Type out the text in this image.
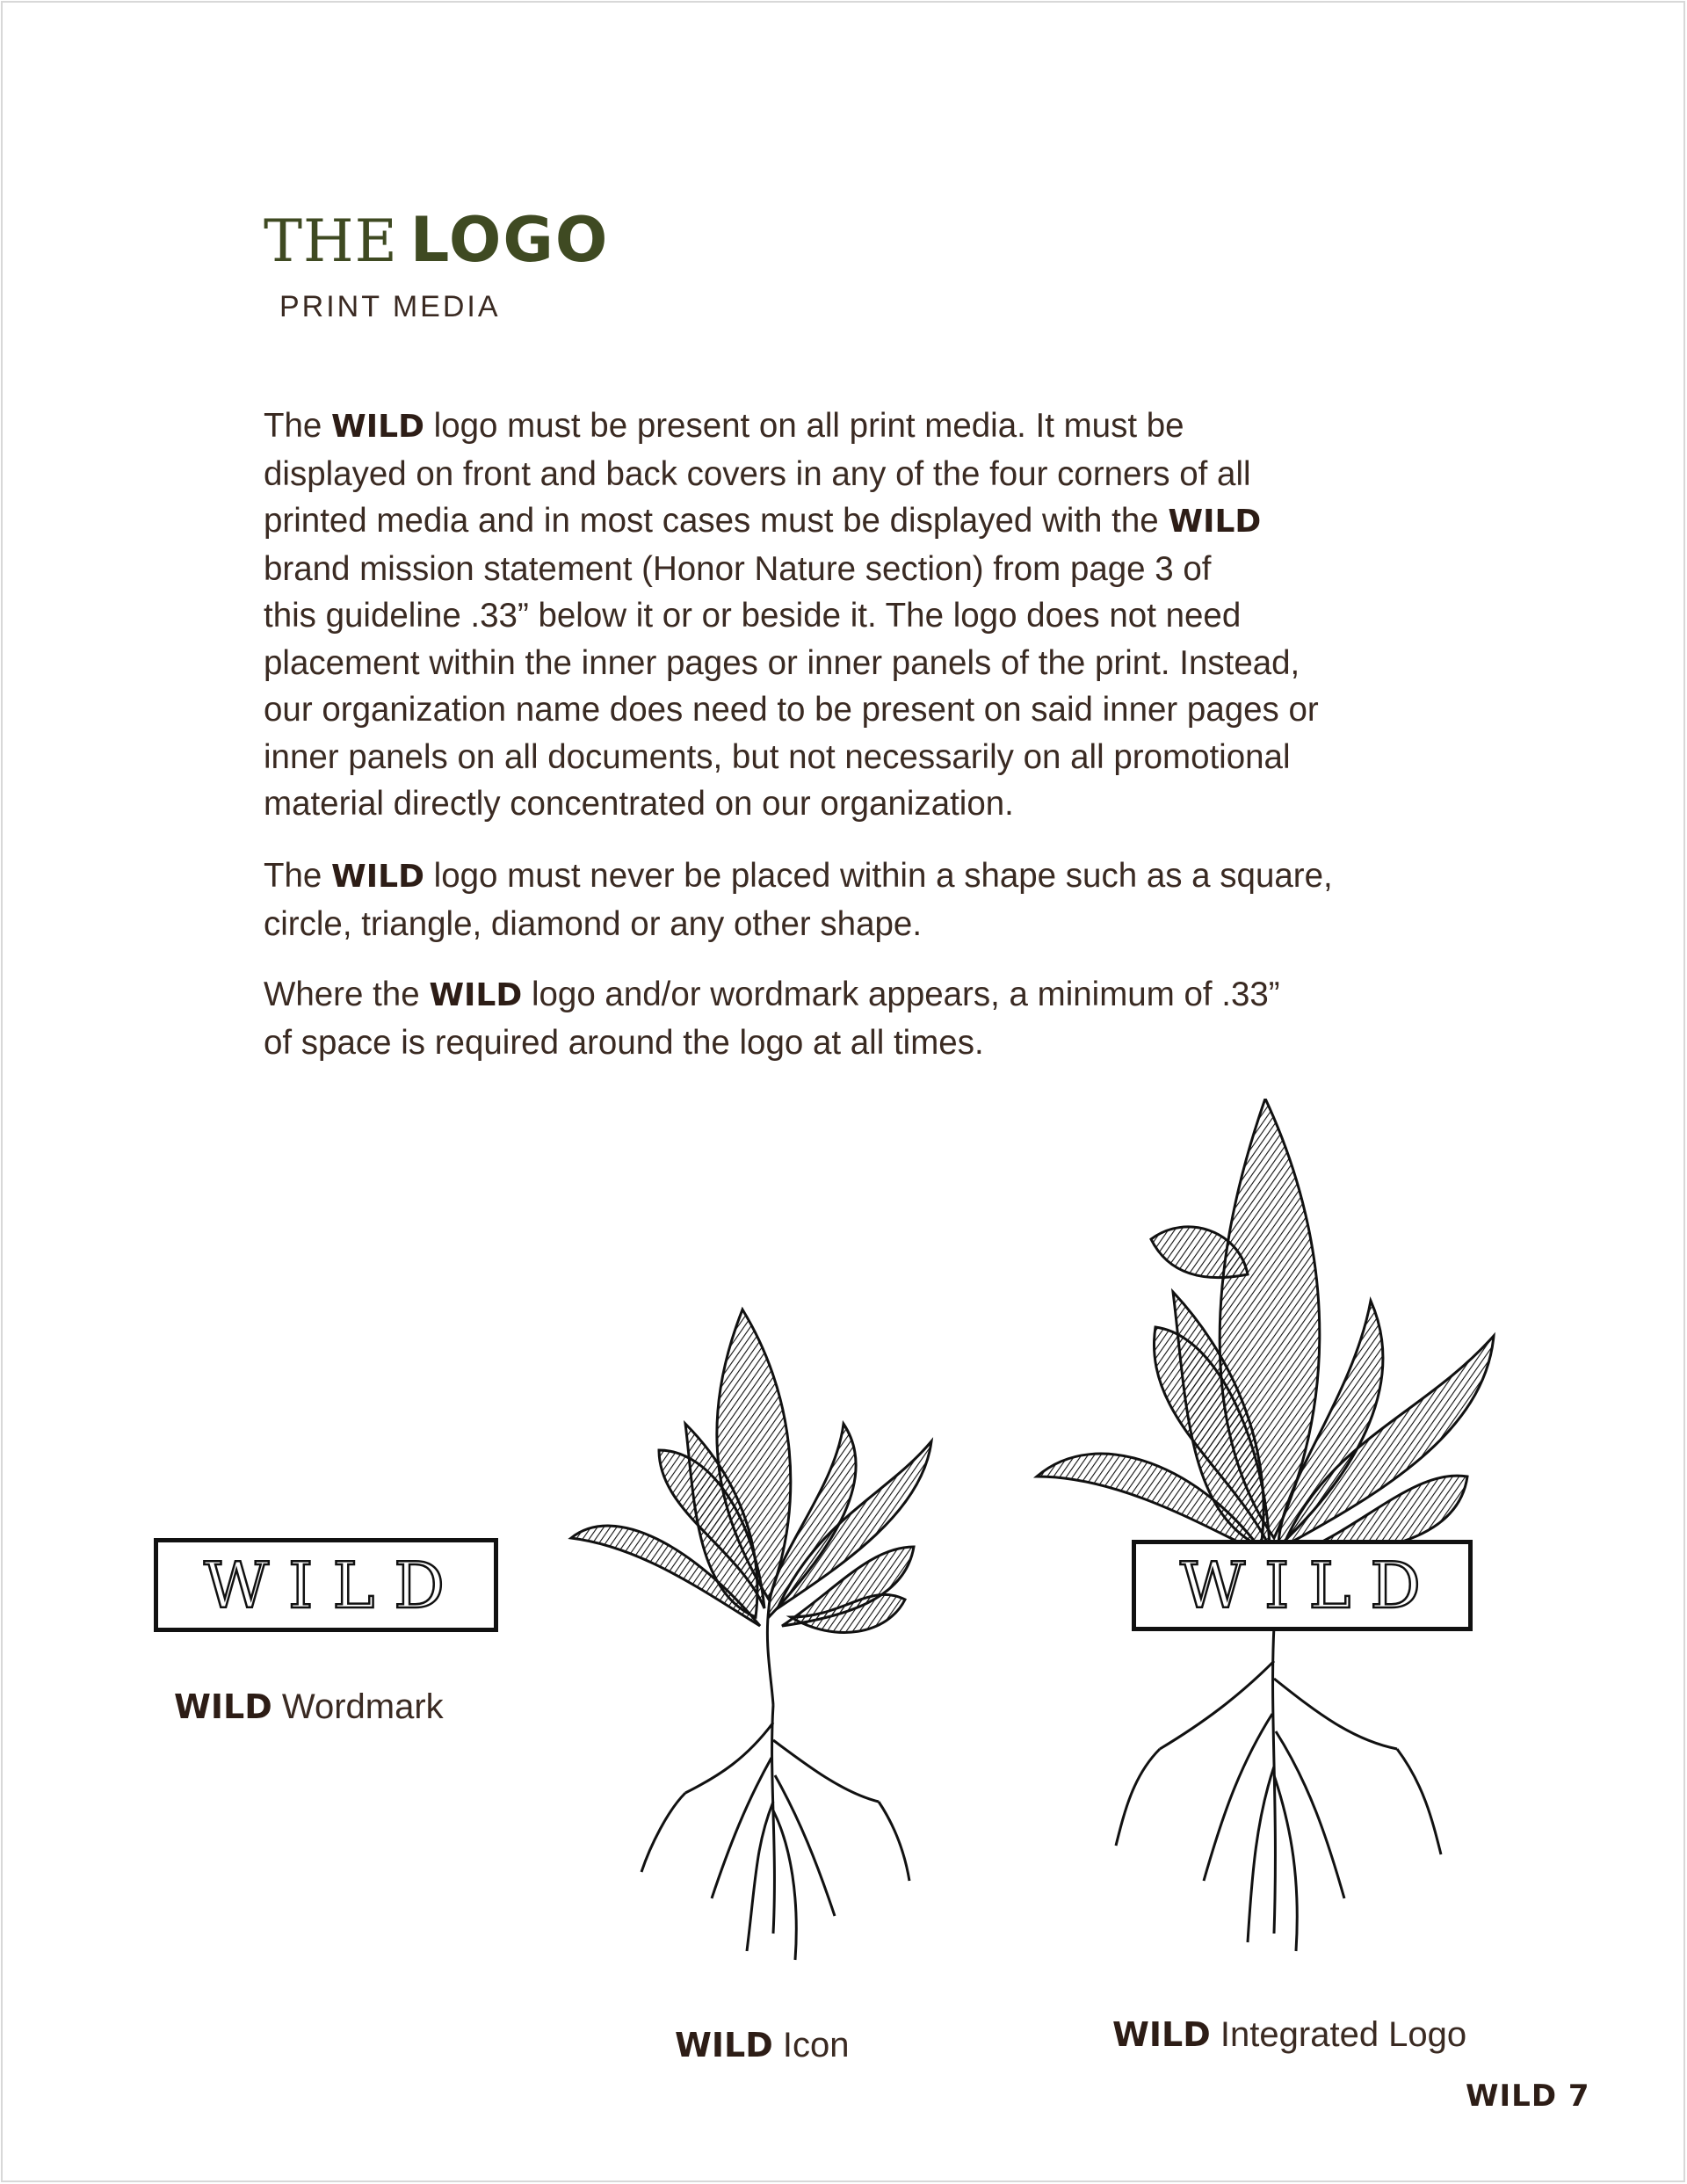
THE LOGO
PRINT MEDIA
The WILD logo must be present on all print media. It must be
displayed on front and back covers in any of the four corners of all
printed media and in most cases must be displayed with the WILD
brand mission statement (Honor Nature section) from page 3 of
this guideline .33” below it or or beside it. The logo does not need
placement within the inner pages or inner panels of the print. Instead,
our organization name does need to be present on said inner pages or
inner panels on all documents, but not necessarily on all promotional
material directly concentrated on our organization.
The WILD logo must never be placed within a shape such as a square,
circle, triangle, diamond or any other shape.
Where the WILD logo and/or wordmark appears, a minimum of .33”
of space is required around the logo at all times.
WILD
WILD Wordmark
WILD Icon
WILD
WILD Integrated Logo
WILD 7
